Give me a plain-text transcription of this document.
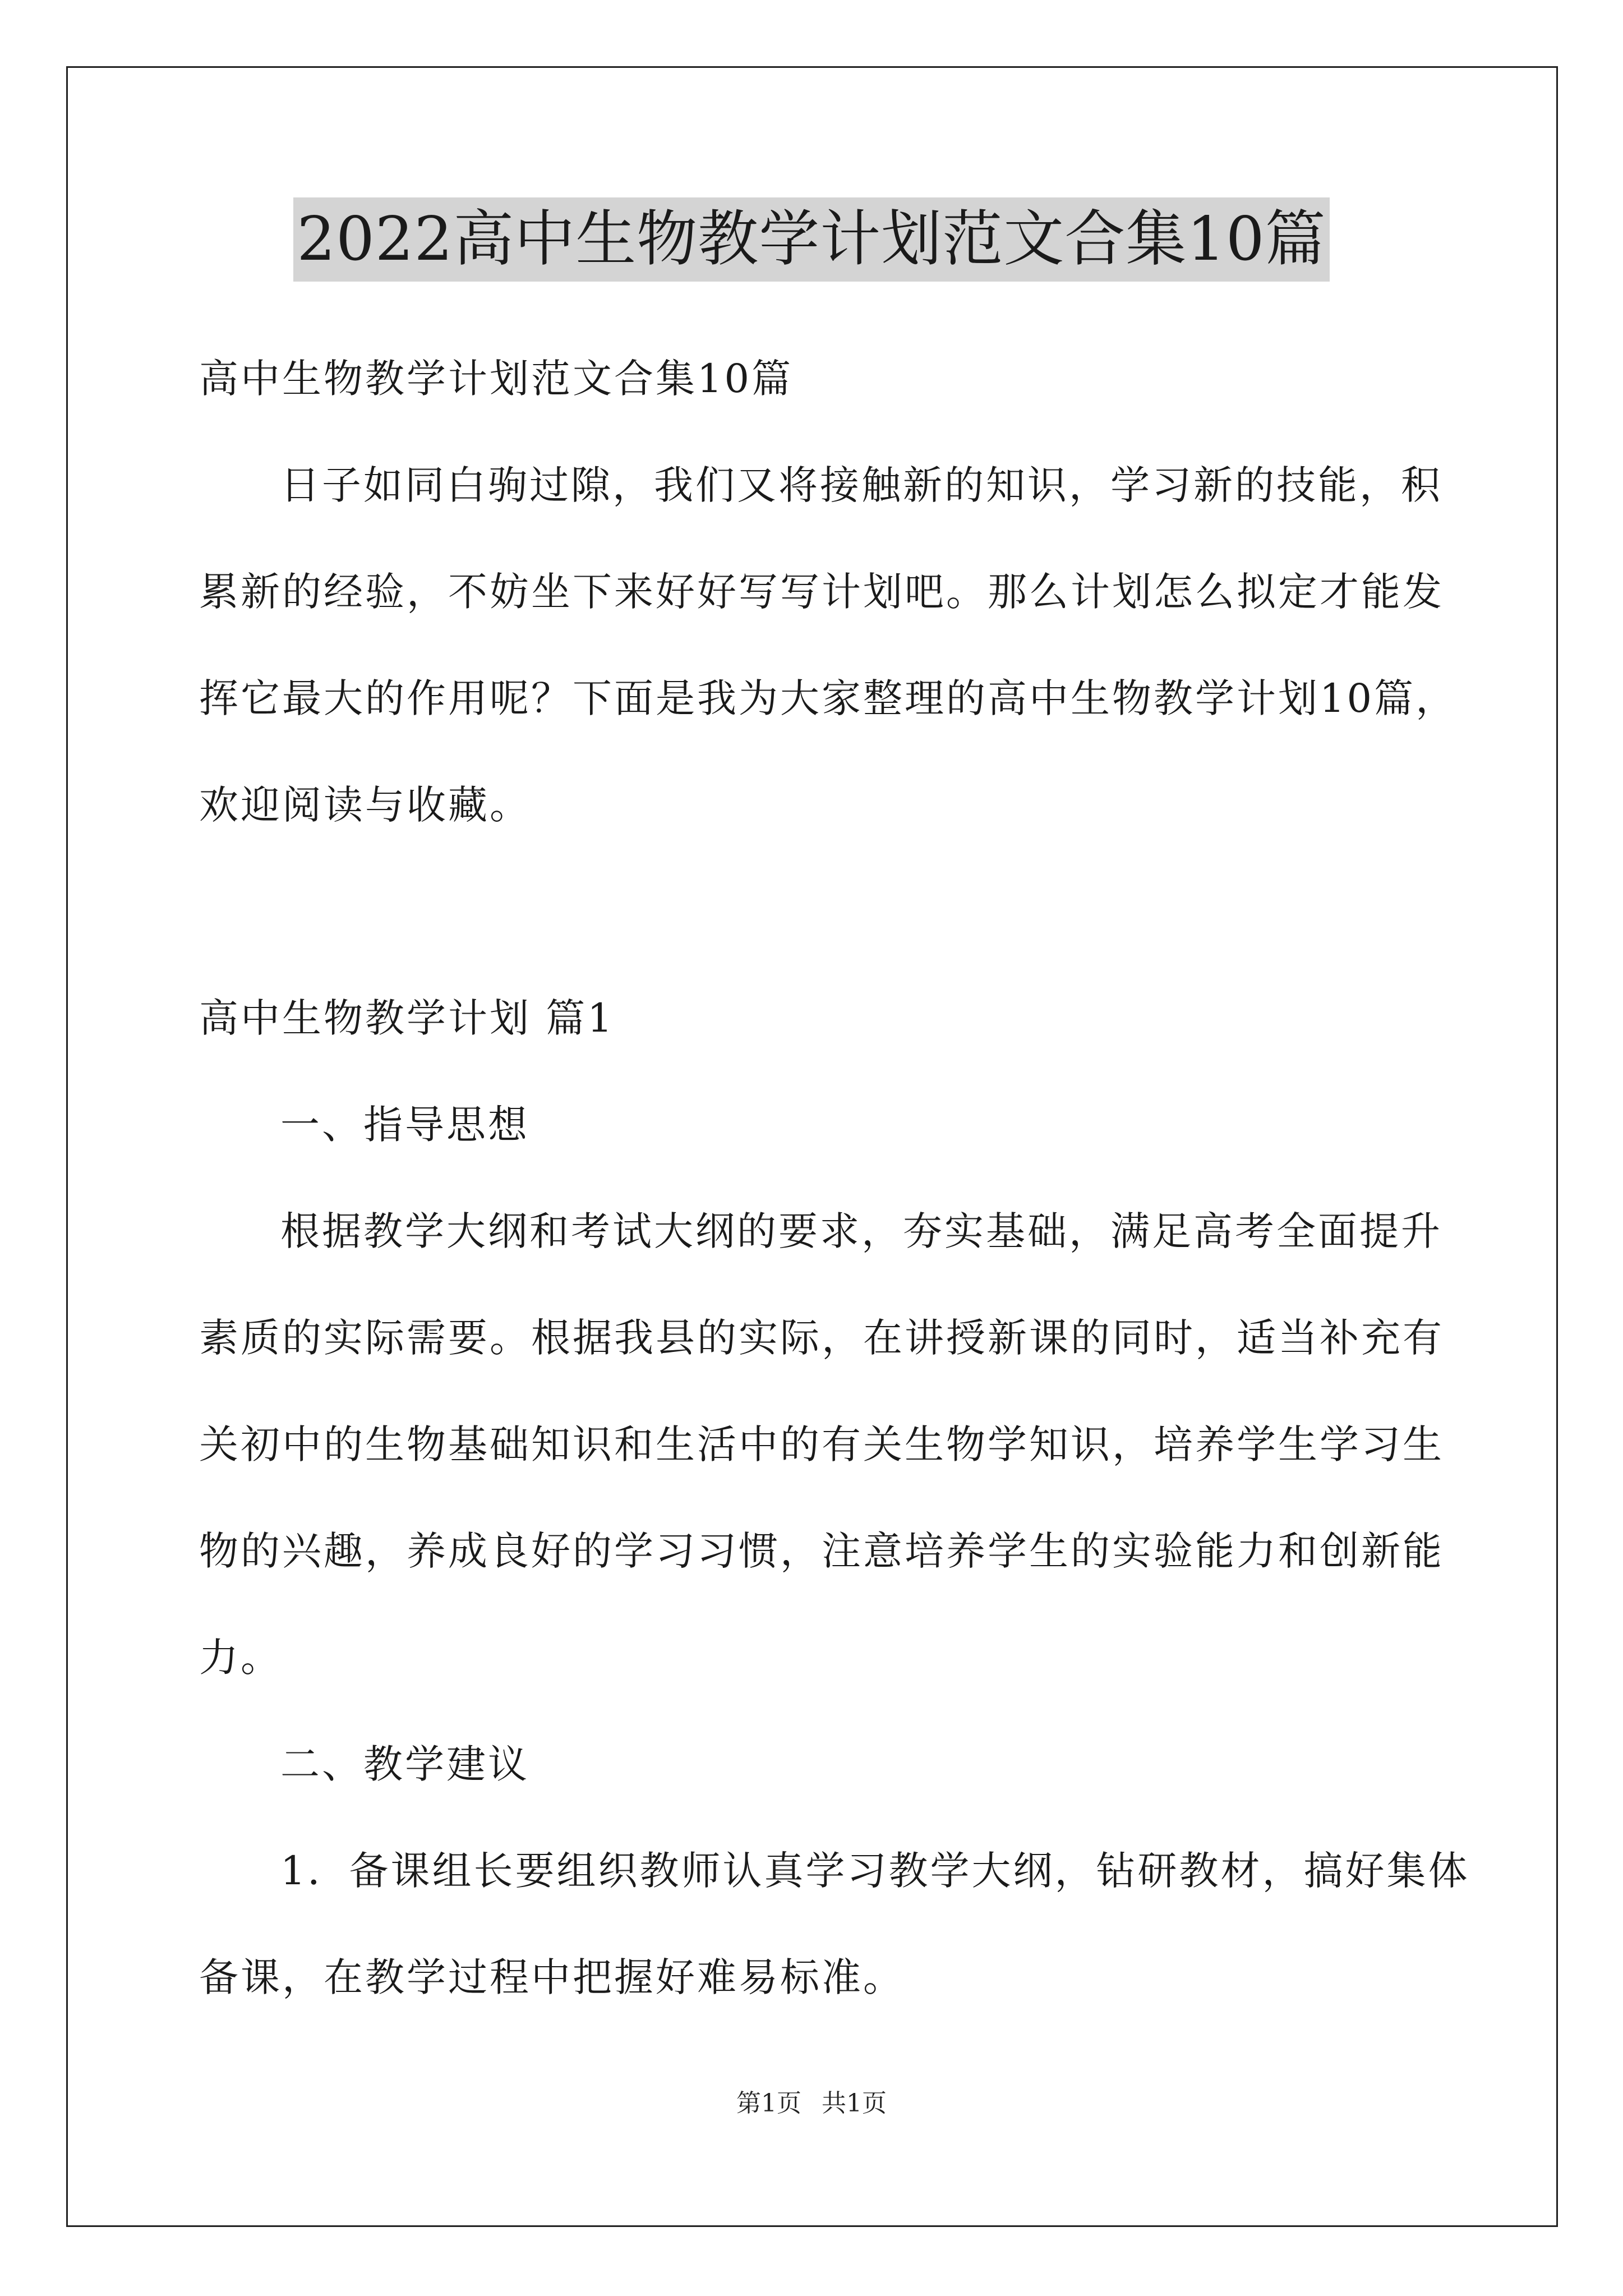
2022高中生物教学计划范文合集10篇

高中生物教学计划范文合集10篇

日子如同白驹过隙，我们又将接触新的知识，学习新的技能，积

累新的经验，不妨坐下来好好写写计划吧。那么计划怎么拟定才能发

挥它最大的作用呢？下面是我为大家整理的高中生物教学计划10篇，

欢迎阅读与收藏。

高中生物教学计划 篇1

一、指导思想

根据教学大纲和考试大纲的要求，夯实基础，满足高考全面提升

素质的实际需要。根据我县的实际，在讲授新课的同时，适当补充有

关初中的生物基础知识和生活中的有关生物学知识，培养学生学习生

物的兴趣，养成良好的学习习惯，注意培养学生的实验能力和创新能

力。

二、教学建议

1．备课组长要组织教师认真学习教学大纲，钻研教材，搞好集体

备课，在教学过程中把握好难易标准。

第1页 共1页
